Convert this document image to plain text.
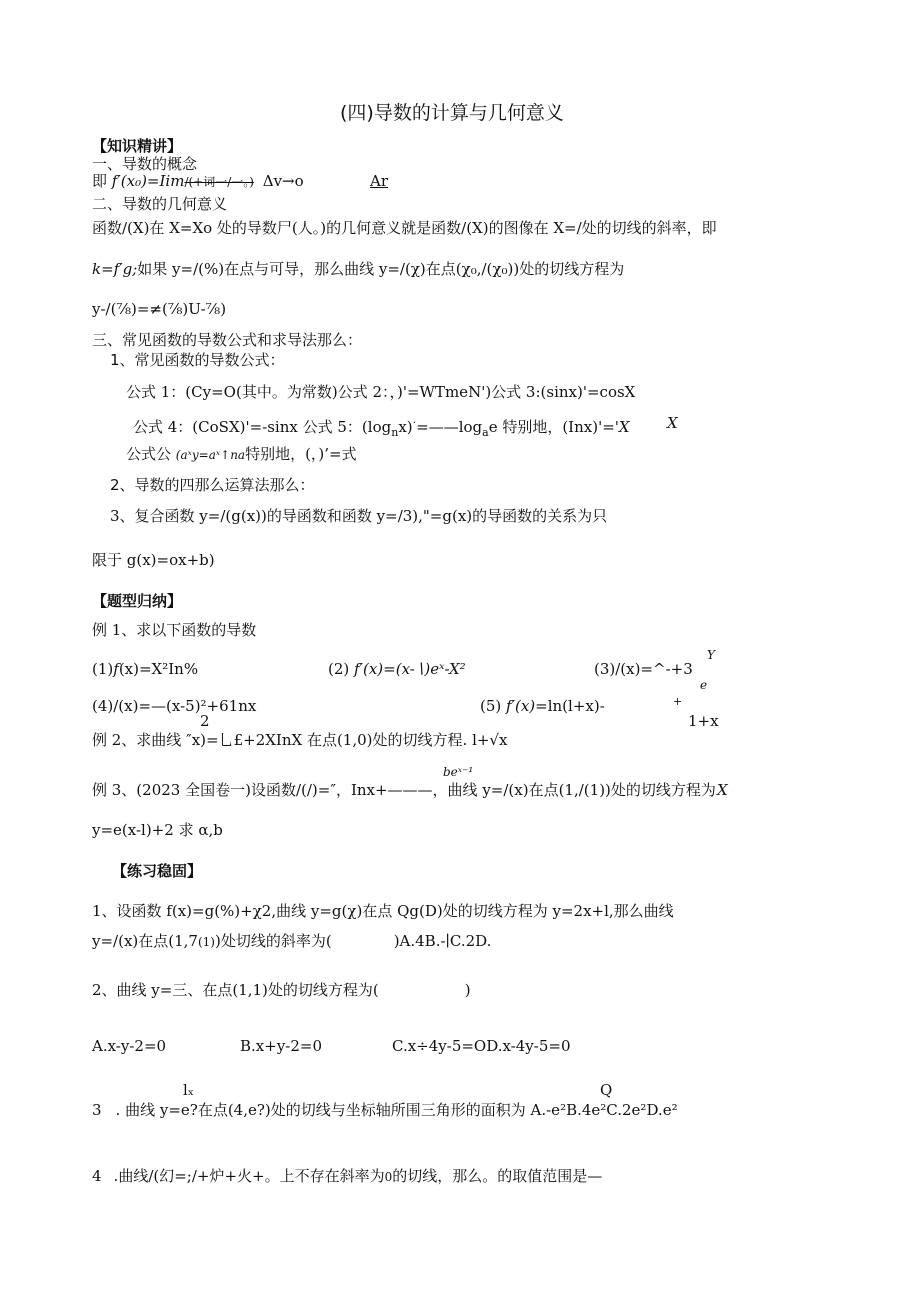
(四)导数的计算与几何意义
【知识精讲】
一、导数的概念
即 f′(x₀)=Iim/(+词一/一。) Δv→o	Ar
二、导数的几何意义
函数/(X)在 X=Xo 处的导数尸(人。)的几何意义就是函数/(X)的图像在 X=/处的切线的斜率，即
k=f′g;如果 y=/(%)在点与可导，那么曲线 y=/(χ)在点(χ₀,/(χ₀))处的切线方程为
y-/(⅞)=≠(⅞)U-⅞)
三、常见函数的导数公式和求导法那么：
1、常见函数的导数公式：
公式 1：(Cy=O(其中。为常数)公式 2：，)'=WTmeN')公式 3:(sinx)'=cosX
公式 4：(CoSX)'=-sinx 公式 5：$(\log_nx)^\cdot=——\log_ae$ 特别地，(Inx)'='X X
公式公 (aˣy=aˣ↑na特别地，(，)’=式
2、导数的四那么运算法那么：
3、复合函数 y=/(g(x))的导函数和函数 y=/3),"=g(x)的导函数的关系为只
限于 g(x)=ox+b)
【题型归纳】
例 1、求以下函数的导数
(1)f(x)=X²In%	(2) f′(x)=(x-∖)eˣ-X²
Y
(3)/(x)=^-+3
e
(4)/(x)=—(x-5)²+61nx
2
(5) f′(x)=ln(l+x)-	+
1+x
例 2、求曲线 ″x)=乚£+2XInX 在点(1,0)处的切线方程. l+√x
beˣ⁻¹
例 3、(2023 全国卷一)设函数/(/)=″，Inx+———，曲线 y=/(x)在点(1,/(1))处的切线方程为 X
y=e(x-l)+2 求 α,b
【练习稳固】
1、设函数 f(x)=g(%)+χ2,曲线 y=g(χ)在点 Qg(D)处的切线方程为 y=2x+l,那么曲线
y=/(x)在点(1,7(1))处切线的斜率为(	)A.4B.-∣C.2D.
2、曲线 y=三、在点(1,1)处的切线方程为(	)
A.x-y-2=0	B.x+y-2=0	C.x÷4y-5=OD.x-4y-5=0
lₓ	Q
3 . 曲线 y=e?在点(4,e?)处的切线与坐标轴所围三角形的面积为 A.-e²B.4e²C.2e²D.e²
4 .曲线/(幻=;/+炉+火+。上不存在斜率为0的切线，那么。的取值范围是—
